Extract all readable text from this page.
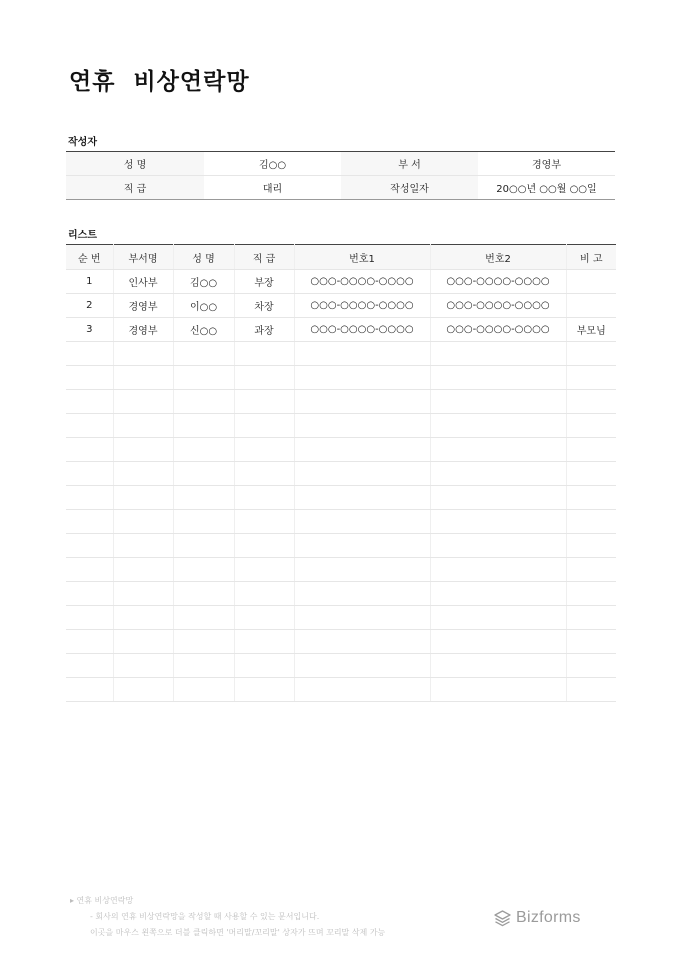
연휴  비상연락망
작성자
성 명	김○○	부 서	경영부
직 급	대리	작성일자	20○○년 ○○월 ○○일
리스트
순 번	부서명	성 명	직 급	번호1	번호2	비 고
1	인사부	김○○	부장	○○○-○○○○-○○○○	○○○-○○○○-○○○○	
2	경영부	이○○	차장	○○○-○○○○-○○○○	○○○-○○○○-○○○○	
3	경영부	신○○	과장	○○○-○○○○-○○○○	○○○-○○○○-○○○○	부모님

▸ 연휴 비상연락망
- 회사의 연휴 비상연락망을 작성할 때 사용할 수 있는 문서입니다.
이곳을 마우스 왼쪽으로 더블 클릭하면 '머리말/꼬리말' 상자가 뜨며 꼬리말 삭제 가능
Bizforms
